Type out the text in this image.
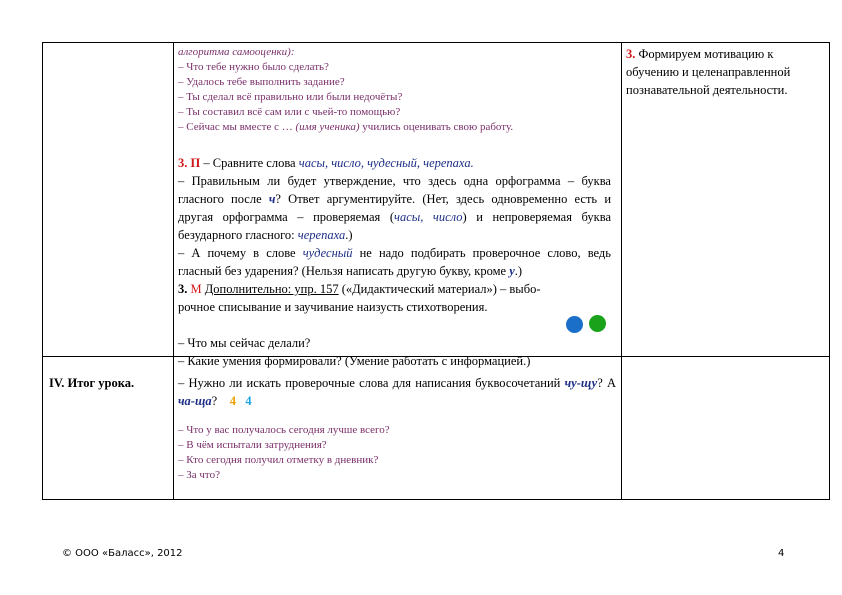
алгоритма самооценки):
– Что тебе нужно было сделать?
– Удалось тебе выполнить задание?
– Ты сделал всё правильно или были недочёты?
– Ты составил всё сам или с чьей-то помощью?
– Сейчас мы вместе с … (имя ученика) учились оценивать свою работу.
3. П – Сравните слова часы, число, чудесный, черепаха.
– Правильным ли будет утверждение, что здесь одна орфограмма – буква гласного после ч? Ответ аргументируйте. (Нет, здесь одновременно есть и другая орфограмма – проверяемая (часы, число) и непроверяемая буква безударного гласного: черепаха.)
– А почему в слове чудесный не надо подбирать проверочное слово, ведь гласный без ударения? (Нельзя написать другую букву, кроме у.)
3. М Дополнительно: упр. 157 («Дидактический материал») – выбо-
рочное списывание и заучивание наизусть стихотворения.
– Что мы сейчас делали?
– Какие умения формировали? (Умение работать с информацией.)
3. Формируем мотивацию к обучению и целенаправленной познавательной деятельности.
IV. Итог урока.	– Нужно ли искать проверочные слова для написания буквосочетаний чу-щу? А ча-ща? 4 4
– Что у вас получалось сегодня лучше всего?
– В чём испытали затруднения?
– Кто сегодня получил отметку в дневник?
– За что?
© ООО «Баласс», 2012	4
